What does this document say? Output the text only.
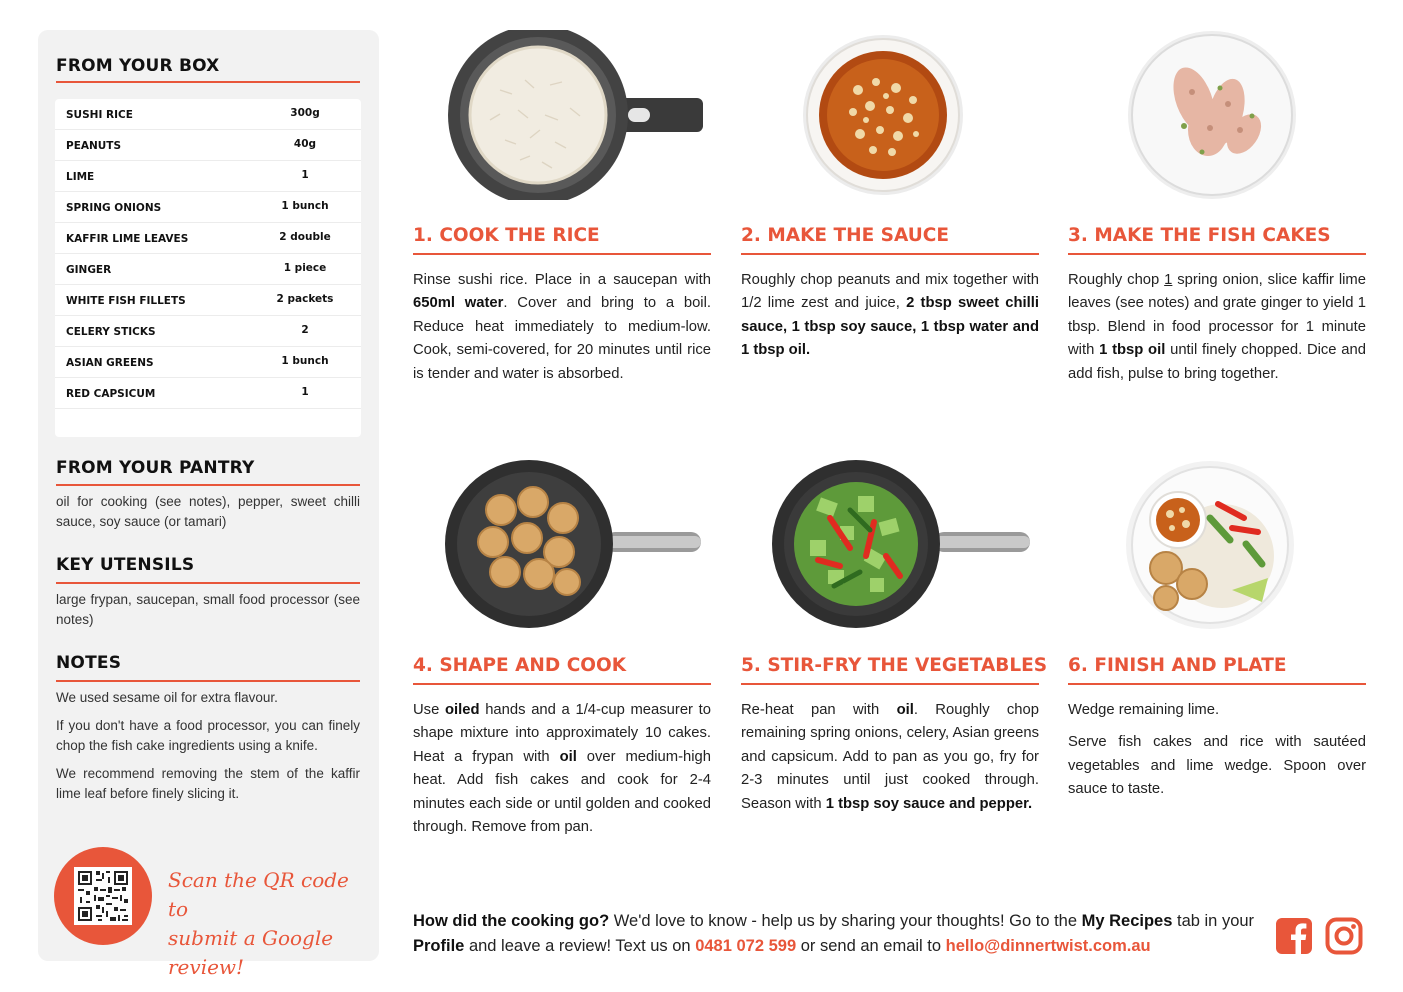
FROM YOUR BOX
SUSHI RICE	300g
PEANUTS	40g
LIME	1
SPRING ONIONS	1 bunch
KAFFIR LIME LEAVES	2 double
GINGER	1 piece
WHITE FISH FILLETS	2 packets
CELERY STICKS	2
ASIAN GREENS	1 bunch
RED CAPSICUM	1
FROM YOUR PANTRY
oil for cooking (see notes), pepper, sweet chilli sauce, soy sauce (or tamari)
KEY UTENSILS
large frypan, saucepan, small food processor (see notes)
NOTES
We used sesame oil for extra flavour.
If you don't have a food processor, you can finely chop the fish cake ingredients using a knife.
We recommend removing the stem of the kaffir lime leaf before finely slicing it.
Scan the QR code to
submit a Google review!
1. COOK THE RICE

Rinse sushi rice. Place in a saucepan with 650ml water. Cover and bring to a boil. Reduce heat immediately to medium-low. Cook, semi-covered, for 20 minutes until rice is tender and water is absorbed.

2. MAKE THE SAUCE

Roughly chop peanuts and mix together with 1/2 lime zest and juice, 2 tbsp sweet chilli sauce, 1 tbsp soy sauce, 1 tbsp water and 1 tbsp oil.

3. MAKE THE FISH CAKES

Roughly chop 1 spring onion, slice kaffir lime leaves (see notes) and grate ginger to yield 1 tbsp. Blend in food processor for 1 minute with 1 tbsp oil until finely chopped. Dice and add fish, pulse to bring together.

4. SHAPE AND COOK

Use oiled hands and a 1/4-cup measurer to shape mixture into approximately 10 cakes. Heat a frypan with oil over medium-high heat. Add fish cakes and cook for 2-4 minutes each side or until golden and cooked through. Remove from pan.

5. STIR-FRY THE VEGETABLES

Re-heat pan with oil. Roughly chop remaining spring onions, celery, Asian greens and capsicum. Add to pan as you go, fry for 2-3 minutes until just cooked through. Season with 1 tbsp soy sauce and pepper.

6. FINISH AND PLATE

Wedge remaining lime.

Serve fish cakes and rice with sautéed vegetables and lime wedge. Spoon over sauce to taste.

How did the cooking go? We'd love to know - help us by sharing your thoughts! Go to the My Recipes tab in your Profile and leave a review! Text us on 0481 072 599 or send an email to hello@dinnertwist.com.au
